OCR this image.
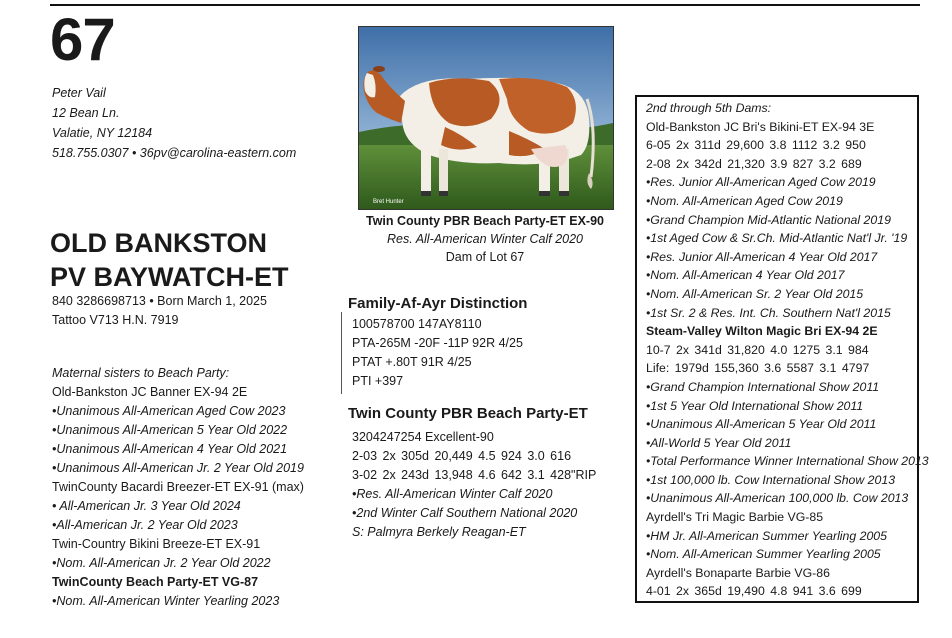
67
Peter Vail
12 Bean Ln.
Valatie, NY 12184
518.755.0307 • 36pv@carolina-eastern.com
OLD BANKSTON
PV BAYWATCH-ET
840 3286698713 • Born March 1, 2025
Tattoo V713 H.N. 7919
Bret Hunter
Twin County PBR Beach Party-ET EX-90
Res. All-American Winter Calf 2020
Dam of Lot 67
Family-Af-Ayr Distinction
100578700 147AY8110
PTA-265M -20F -11P 92R 4/25
PTAT +.80T 91R 4/25
PTI +397
Twin County PBR Beach Party-ET
3204247254 Excellent-90
2-03 2x 305d 20,449 4.5 924 3.0 616
3-02 2x 243d 13,948 4.6 642 3.1 428"RIP
•Res. All-American Winter Calf 2020
•2nd Winter Calf Southern National 2020
S: Palmyra Berkely Reagan-ET
Maternal sisters to Beach Party:
Old-Bankston JC Banner EX-94 2E
•Unanimous All-American Aged Cow 2023
•Unanimous All-American 5 Year Old 2022
•Unanimous All-American 4 Year Old 2021
•Unanimous All-American Jr. 2 Year Old 2019
TwinCounty Bacardi Breezer-ET EX-91 (max)
• All-American Jr. 3 Year Old 2024
•All-American Jr. 2 Year Old 2023
Twin-Country Bikini Breeze-ET EX-91
•Nom. All-American Jr. 2 Year Old 2022
TwinCounty Beach Party-ET VG-87
•Nom. All-American Winter Yearling 2023
2nd through 5th Dams:
Old-Bankston JC Bri's Bikini-ET EX-94 3E
6-05 2x 311d 29,600 3.8 1112 3.2 950
2-08 2x 342d 21,320 3.9 827 3.2 689
•Res. Junior All-American Aged Cow 2019
•Nom. All-American Aged Cow 2019
•Grand Champion Mid-Atlantic National 2019
•1st Aged Cow & Sr.Ch. Mid-Atlantic Nat'l Jr. '19
•Res. Junior All-American 4 Year Old 2017
•Nom. All-American 4 Year Old 2017
•Nom. All-American Sr. 2 Year Old 2015
•1st Sr. 2 & Res. Int. Ch. Southern Nat'l 2015
Steam-Valley Wilton Magic Bri EX-94 2E
10-7 2x 341d 31,820 4.0 1275 3.1 984
Life: 1979d 155,360 3.6 5587 3.1 4797
•Grand Champion International Show 2011
•1st 5 Year Old International Show 2011
•Unanimous All-American 5 Year Old 2011
•All-World 5 Year Old 2011
•Total Performance Winner International Show 2013
•1st 100,000 lb. Cow International Show 2013
•Unanimous All-American 100,000 lb. Cow 2013
Ayrdell's Tri Magic Barbie VG-85
•HM Jr. All-American Summer Yearling 2005
•Nom. All-American Summer Yearling 2005
Ayrdell's Bonaparte Barbie VG-86
4-01 2x 365d 19,490 4.8 941 3.6 699
